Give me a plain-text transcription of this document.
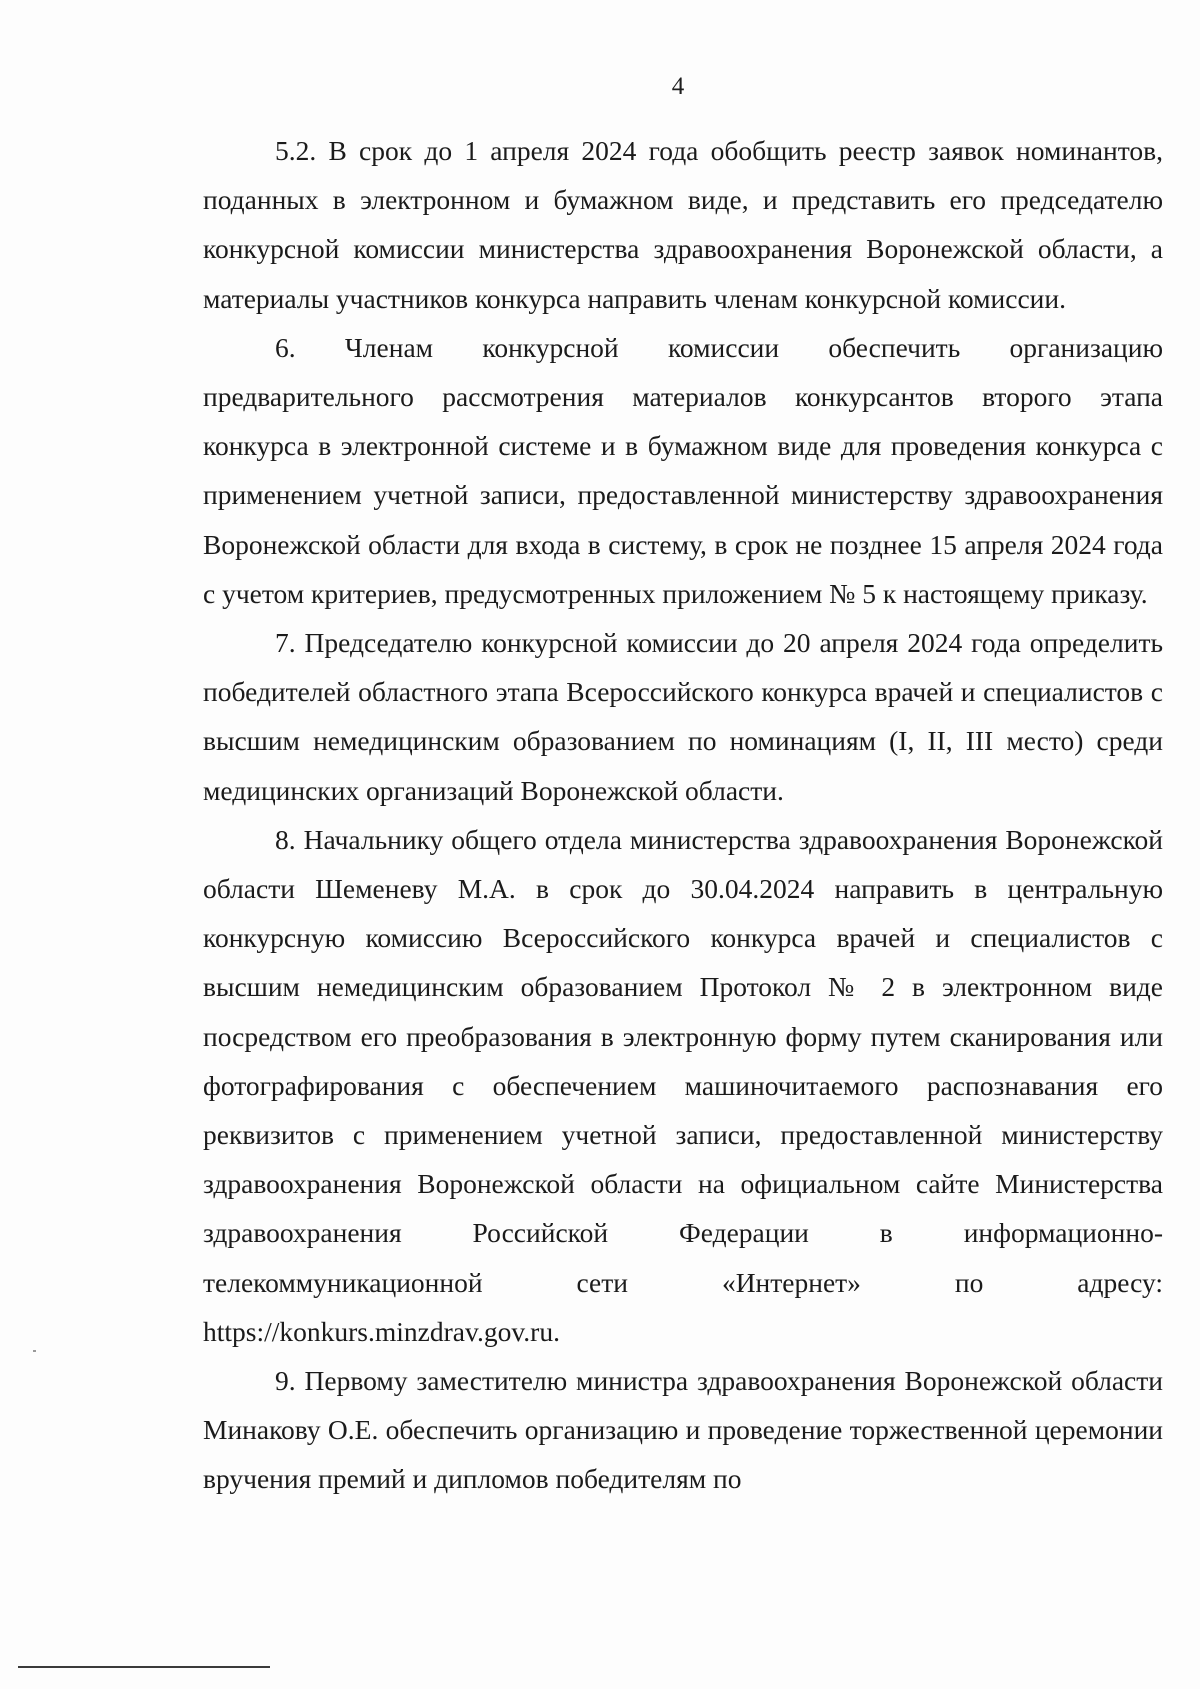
4

5.2. В срок до 1 апреля 2024 года обобщить реестр заявок номинантов, поданных в электронном и бумажном виде, и представить его председателю конкурсной комиссии министерства здравоохранения Воронежской области, а материалы участников конкурса направить членам конкурсной комиссии.

6. Членам конкурсной комиссии обеспечить организацию предварительного рассмотрения материалов конкурсантов второго этапа конкурса в электронной системе и в бумажном виде для проведения конкурса с применением учетной записи, предоставленной министерству здравоохранения Воронежской области для входа в систему, в срок не позднее 15 апреля 2024 года с учетом критериев, предусмотренных приложением № 5 к настоящему приказу.

7. Председателю конкурсной комиссии до 20 апреля 2024 года определить победителей областного этапа Всероссийского конкурса врачей и специалистов с высшим немедицинским образованием по номинациям (I, II, III место) среди медицинских организаций Воронежской области.

8. Начальнику общего отдела министерства здравоохранения Воронежской области Шеменеву М.А. в срок до 30.04.2024 направить в центральную конкурсную комиссию Всероссийского конкурса врачей и специалистов с высшим немедицинским образованием Протокол № 2 в электронном виде посредством его преобразования в электронную форму путем сканирования или фотографирования с обеспечением машиночитаемого распознавания его реквизитов с применением учетной записи, предоставленной министерству здравоохранения Воронежской области на официальном сайте Министерства здравоохранения Российской Федерации в информационно-телекоммуникационной сети «Интернет» по адресу: https://konkurs.minzdrav.gov.ru.

9. Первому заместителю министра здравоохранения Воронежской области Минакову О.Е. обеспечить организацию и проведение торжественной церемонии вручения премий и дипломов победителям по
